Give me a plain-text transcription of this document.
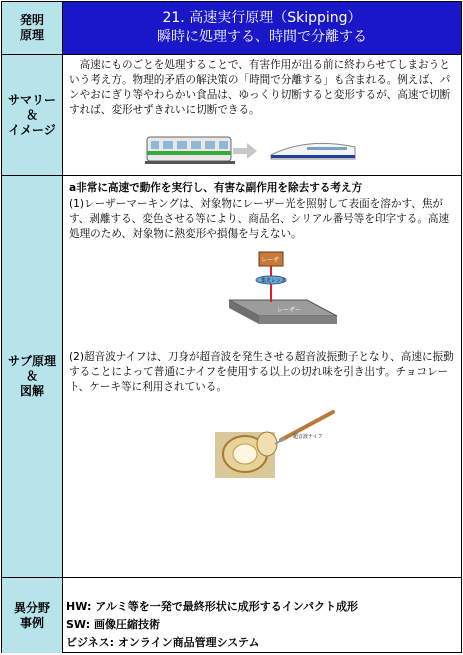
発明
原理
21. 高速実行原理（Skipping）
瞬時に処理する、時間で分離する
サマリー
＆
イメージ
高速にものごとを処理することで、有害作用が出る前に終わらせてしまおうという考え方。物理的矛盾の解決策の「時間で分離する」も含まれる。例えば、パンやおにぎり等やわらかい食品は、ゆっくり切断すると変形するが、高速で切断すれば、変形せずきれいに切断できる。
サブ原理
＆
図解
a非常に高速で動作を実行し、有害な副作用を除去する考え方
(1)レーザーマーキングは、対象物にレーザー光を照射して表面を溶かす、焦がす、剥離する、変色させる等により、商品名、シリアル番号等を印字する。高速処理のため、対象物に熱変形や損傷を与えない。
レーザ
集光レンズ
レーザー
(2)超音波ナイフは、刀身が超音波を発生させる超音波振動子となり、高速に振動することによって普通にナイフを使用する以上の切れ味を引き出す。チョコレート、ケーキ等に利用されている。
超音波ナイフ
異分野
事例
HW: アルミ等を一発で最終形状に成形するインパクト成形
SW: 画像圧縮技術
ビジネス: オンライン商品管理システム
